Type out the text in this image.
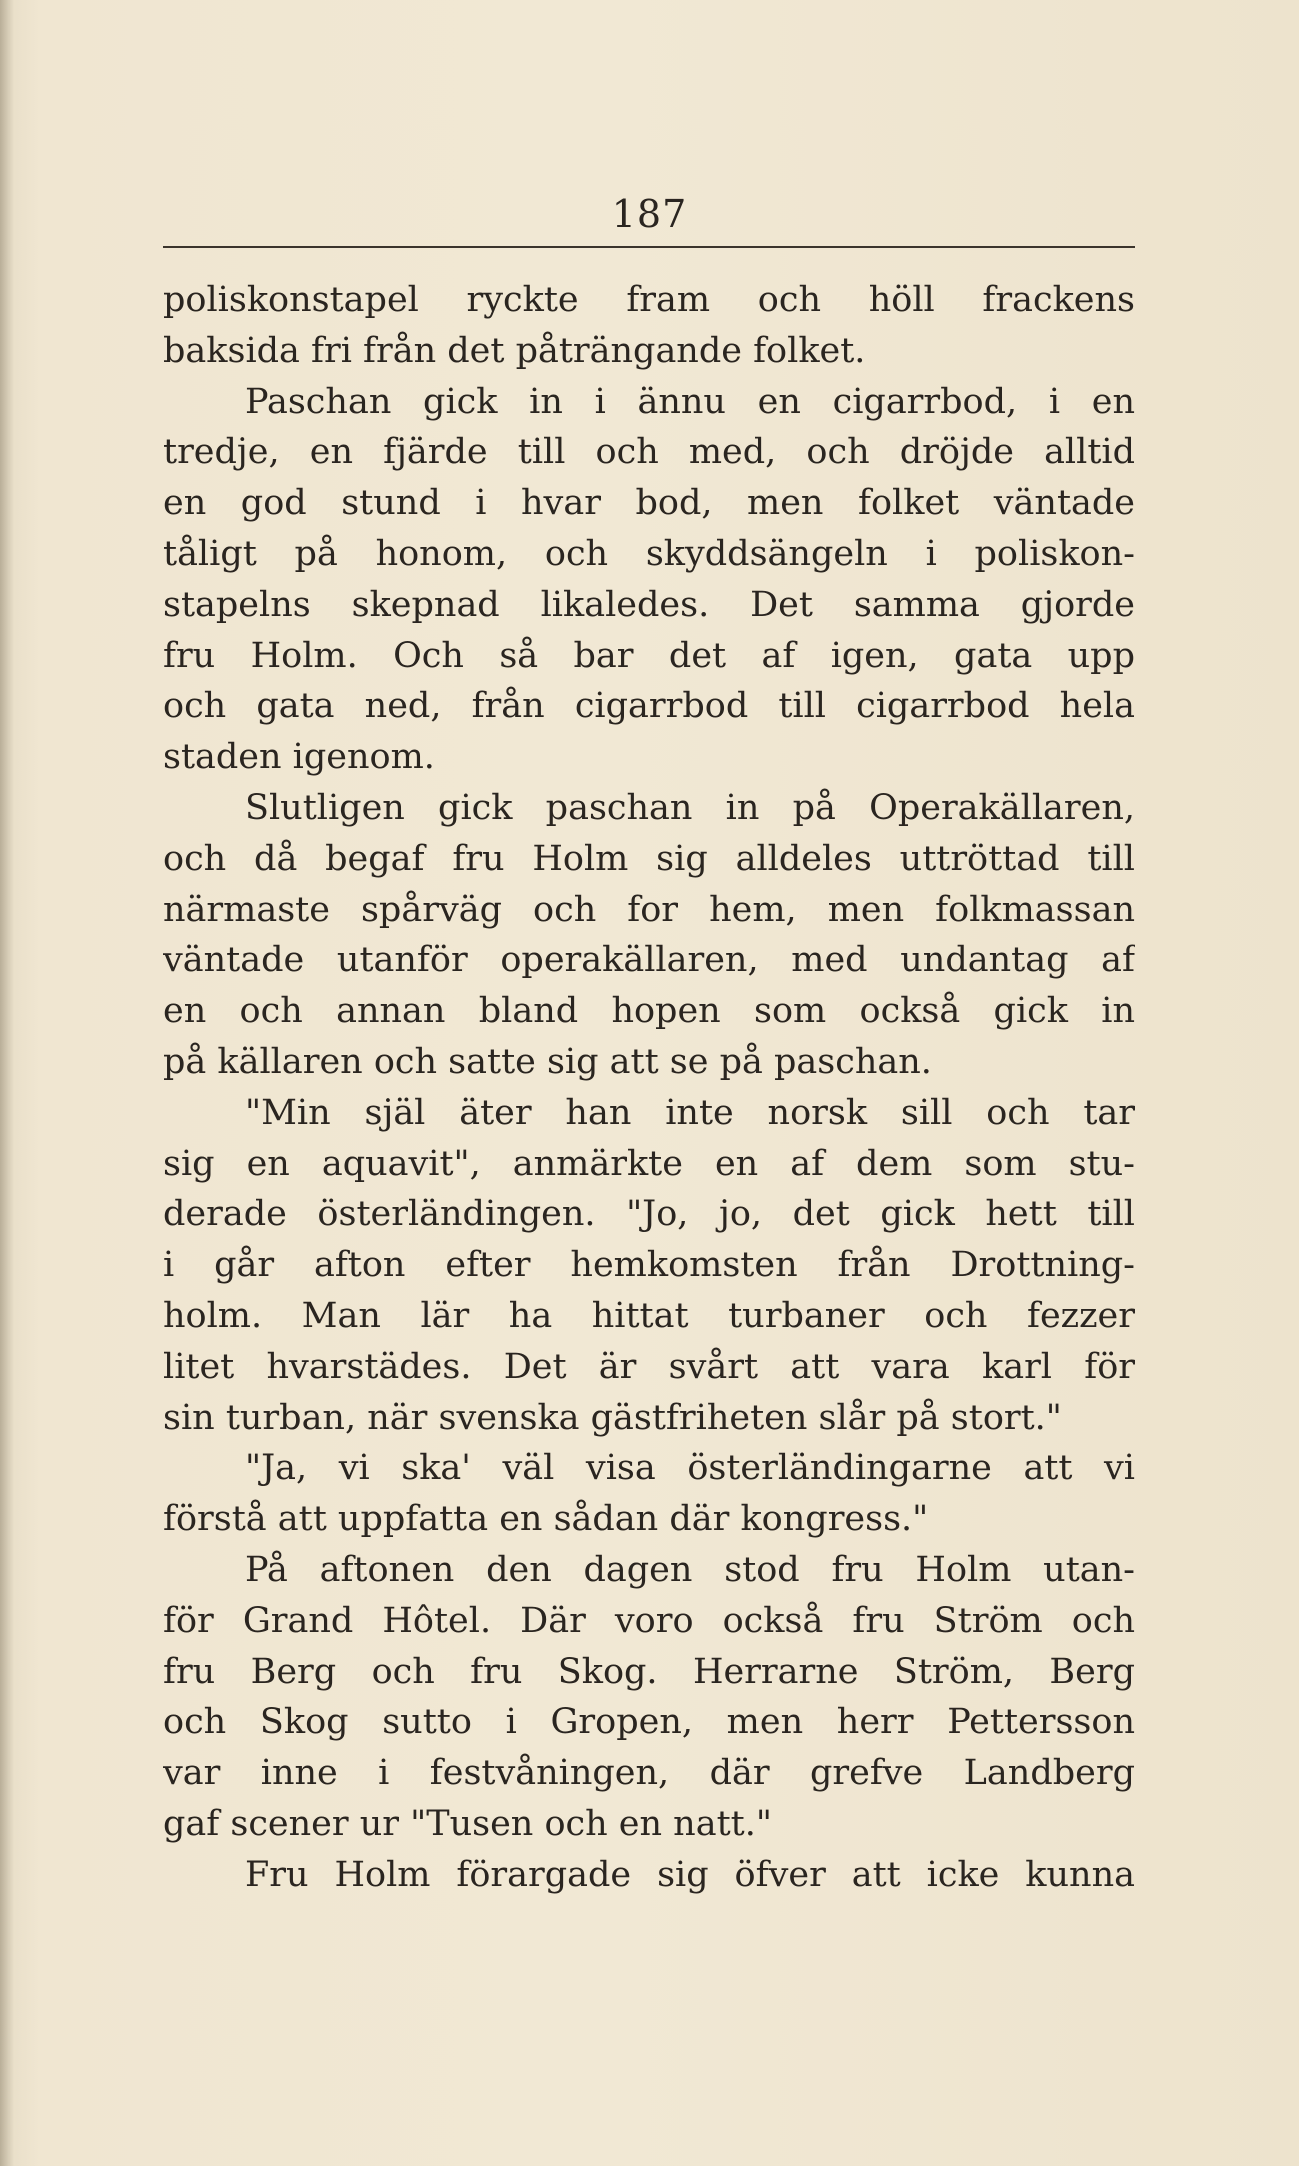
187
poliskonstapel ryckte fram och höll frackens
baksida fri från det påträngande folket.
Paschan gick in i ännu en cigarrbod, i en
tredje, en fjärde till och med, och dröjde alltid
en god stund i hvar bod, men folket väntade
tåligt på honom, och skyddsängeln i poliskon-
stapelns skepnad likaledes. Det samma gjorde
fru Holm. Och så bar det af igen, gata upp
och gata ned, från cigarrbod till cigarrbod hela
staden igenom.
Slutligen gick paschan in på Operakällaren,
och då begaf fru Holm sig alldeles uttröttad till
närmaste spårväg och for hem, men folkmassan
väntade utanför operakällaren, med undantag af
en och annan bland hopen som också gick in
på källaren och satte sig att se på paschan.
"Min själ äter han inte norsk sill och tar
sig en aquavit", anmärkte en af dem som stu-
derade österländingen. "Jo, jo, det gick hett till
i går afton efter hemkomsten från Drottning-
holm. Man lär ha hittat turbaner och fezzer
litet hvarstädes. Det är svårt att vara karl för
sin turban, när svenska gästfriheten slår på stort."
"Ja, vi ska' väl visa österländingarne att vi
förstå att uppfatta en sådan där kongress."
På aftonen den dagen stod fru Holm utan-
för Grand Hôtel. Där voro också fru Ström och
fru Berg och fru Skog. Herrarne Ström, Berg
och Skog sutto i Gropen, men herr Pettersson
var inne i festvåningen, där grefve Landberg
gaf scener ur "Tusen och en natt."
Fru Holm förargade sig öfver att icke kunna
